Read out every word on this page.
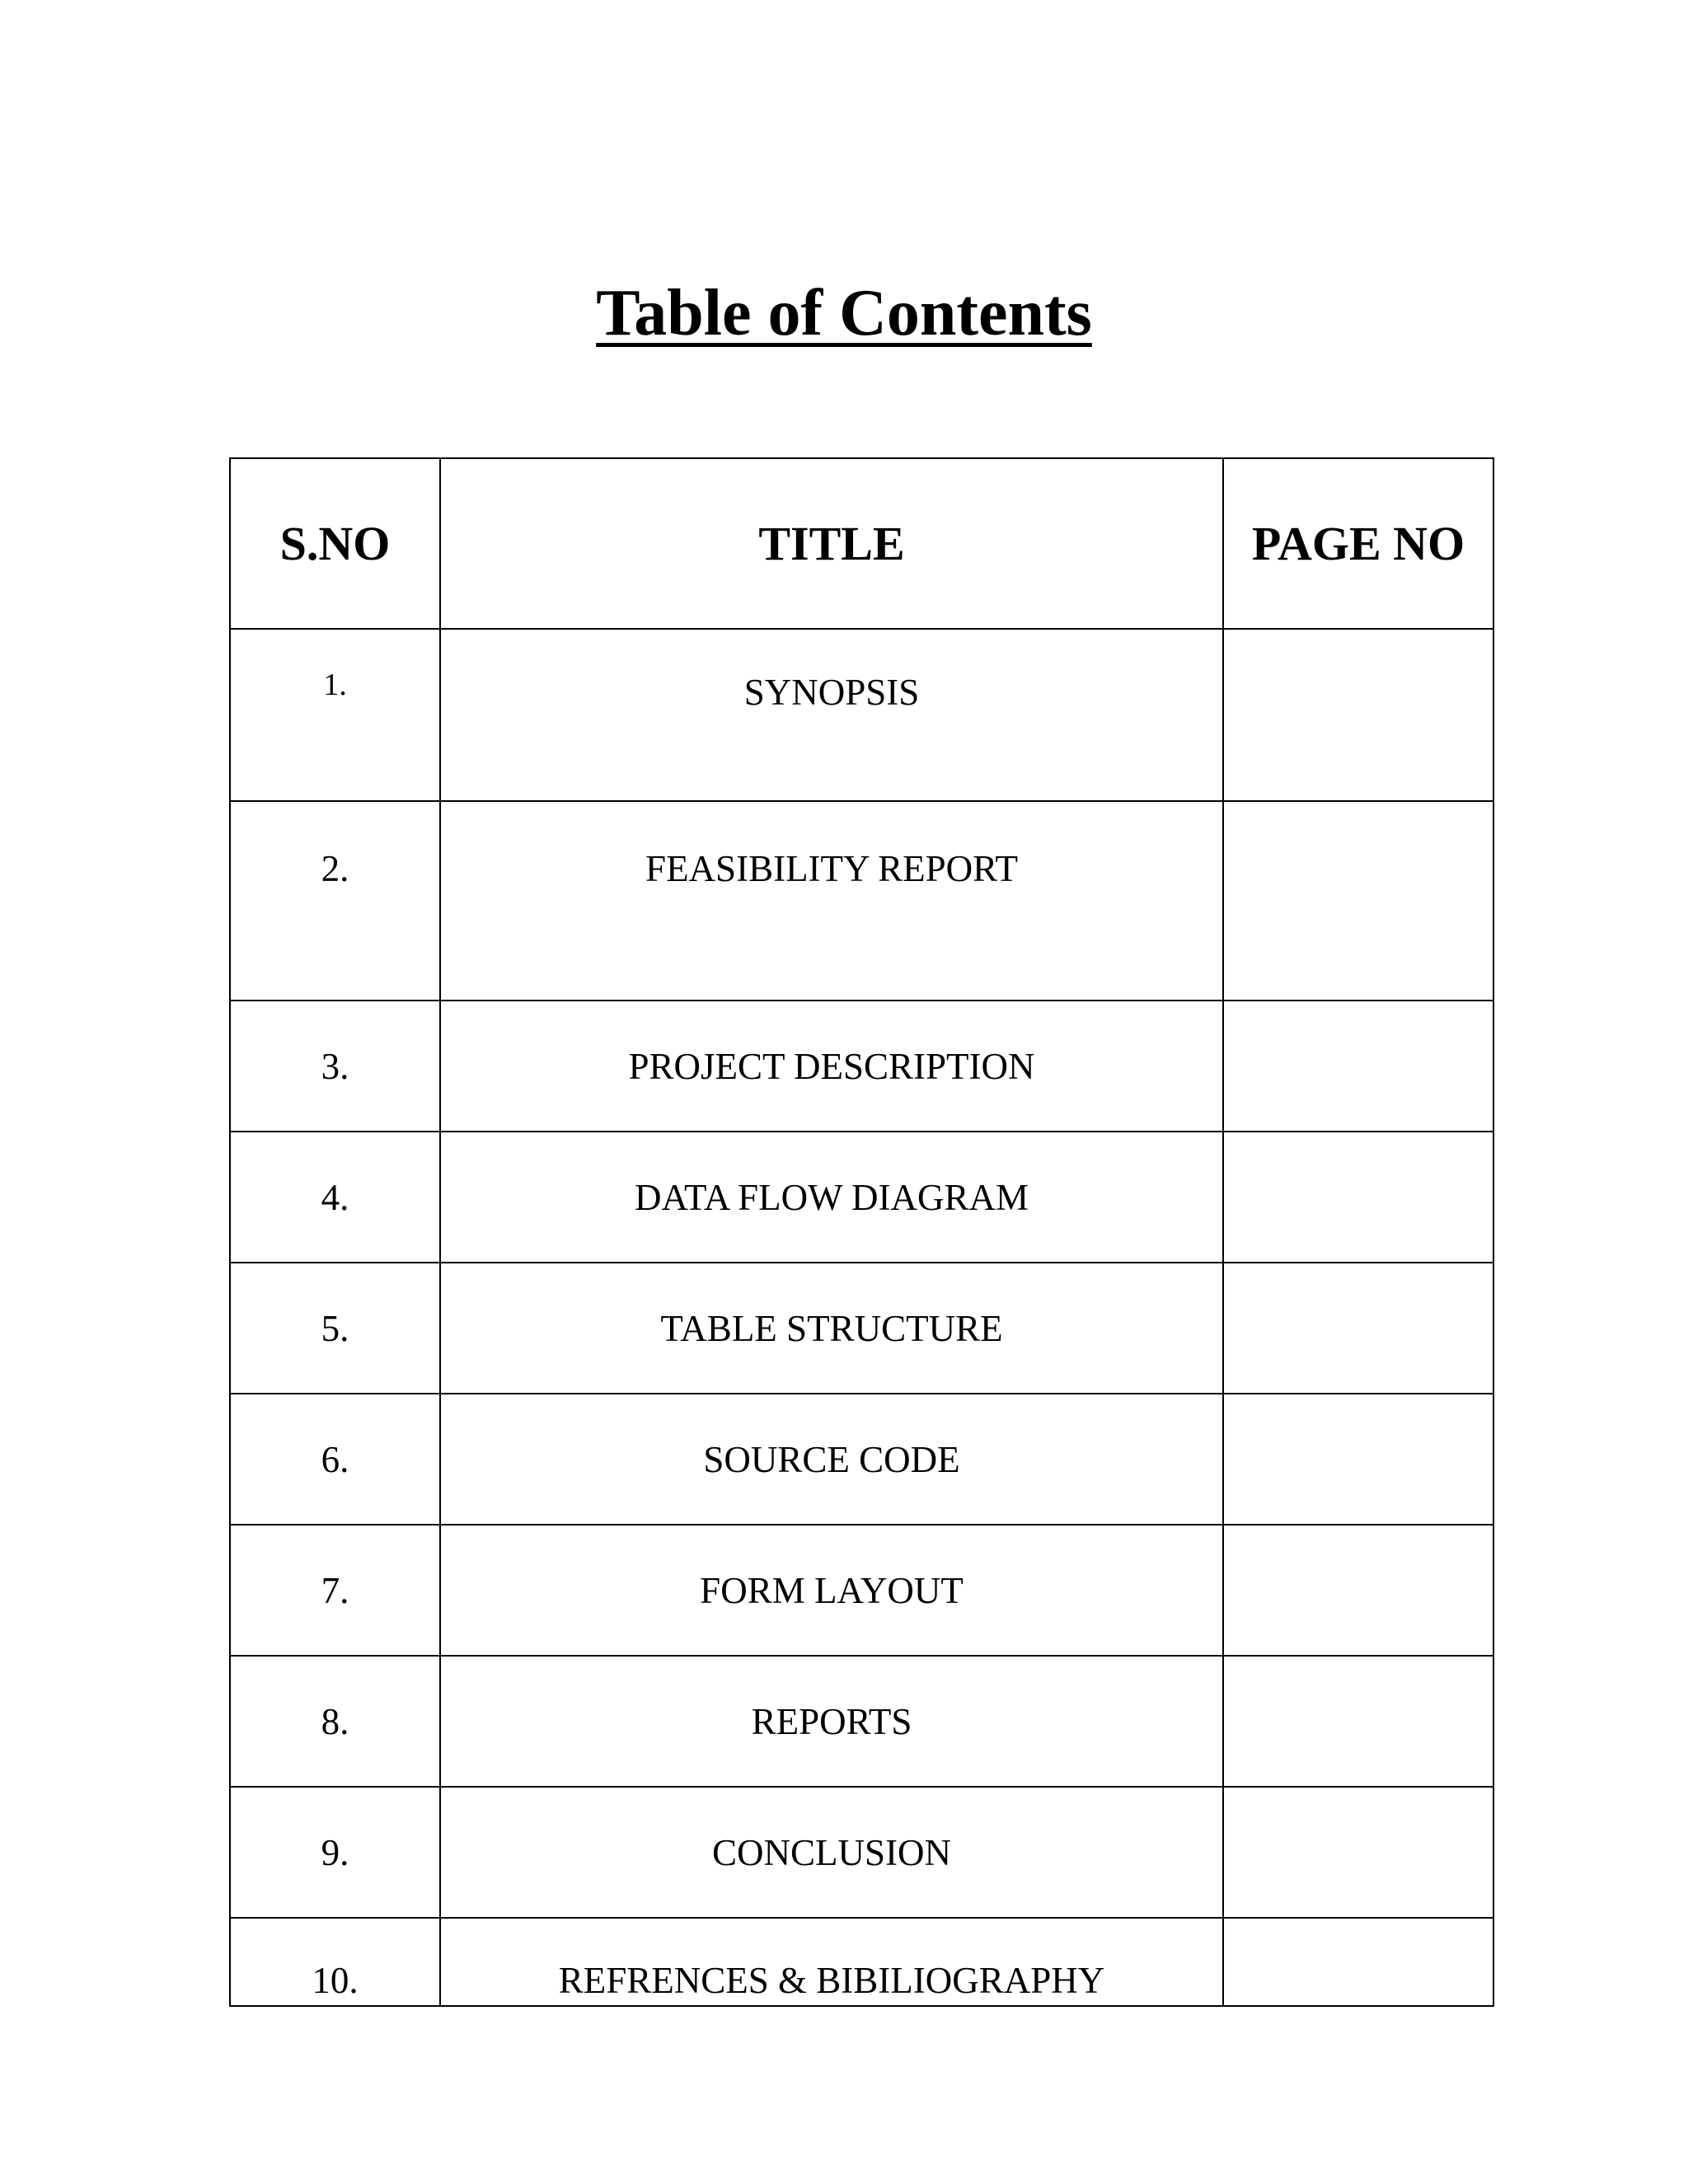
Table of Contents
S.NO	TITLE	PAGE NO
1.	SYNOPSIS	
2.	FEASIBILITY REPORT	
3.	PROJECT DESCRIPTION	
4.	DATA FLOW DIAGRAM	
5.	TABLE STRUCTURE	
6.	SOURCE CODE	
7.	FORM LAYOUT	
8.	REPORTS	
9.	CONCLUSION	
10.	REFRENCES & BIBILIOGRAPHY	
